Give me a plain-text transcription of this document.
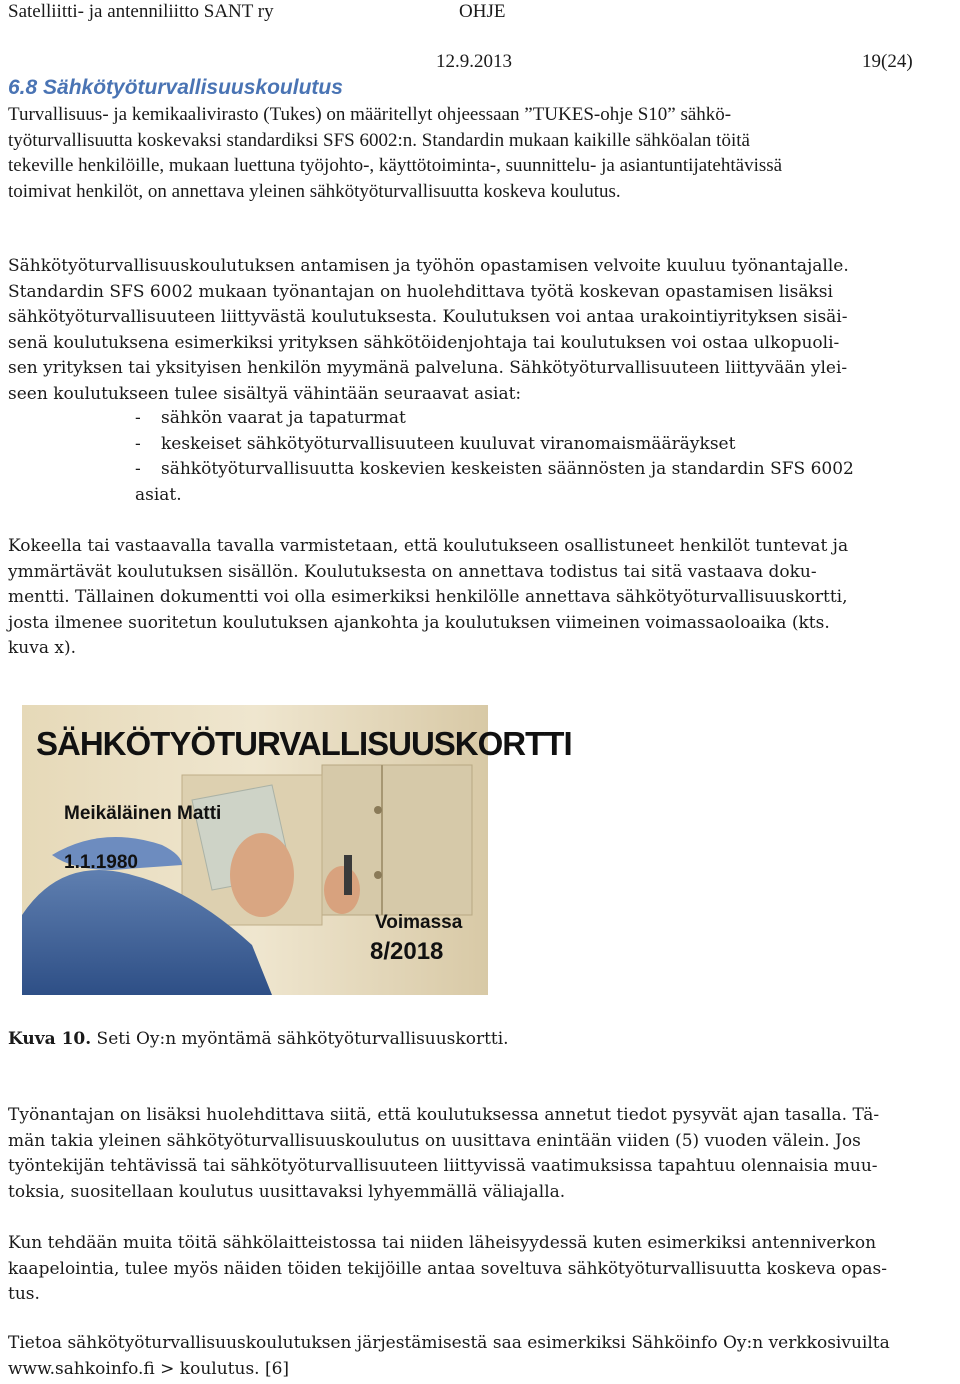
Satelliitti- ja antenniliitto SANT ry	OHJE
12.9.2013	19(24)
6.8 Sähkötyöturvallisuuskoulutus
Turvallisuus- ja kemikaalivirasto (Tukes) on määritellyt ohjeessaan ”TUKES-ohje S10” sähkö-
työturvallisuutta koskevaksi standardiksi SFS 6002:n. Standardin mukaan kaikille sähköalan töitä
tekeville henkilöille, mukaan luettuna työjohto-, käyttötoiminta-, suunnittelu- ja asiantuntijatehtävissä
toimivat henkilöt, on annettava yleinen sähkötyöturvallisuutta koskeva koulutus.
Sähkötyöturvallisuuskoulutuksen antamisen ja työhön opastamisen velvoite kuuluu työnantajalle.
Standardin SFS 6002 mukaan työnantajan on huolehdittava työtä koskevan opastamisen lisäksi
sähkötyöturvallisuuteen liittyvästä koulutuksesta. Koulutuksen voi antaa urakointiyrityksen sisäi-
senä koulutuksena esimerkiksi yrityksen sähkötöidenjohtaja tai koulutuksen voi ostaa ulkopuoli-
sen yrityksen tai yksityisen henkilön myymänä palveluna. Sähkötyöturvallisuuteen liittyvään ylei-
seen koulutukseen tulee sisältyä vähintään seuraavat asiat:
-	sähkön vaarat ja tapaturmat
-	keskeiset sähkötyöturvallisuuteen kuuluvat viranomaismääräykset
-	sähkötyöturvallisuutta koskevien keskeisten säännösten ja standardin SFS 6002
asiat.
Kokeella tai vastaavalla tavalla varmistetaan, että koulutukseen osallistuneet henkilöt tuntevat ja
ymmärtävät koulutuksen sisällön. Koulutuksesta on annettava todistus tai sitä vastaava doku-
mentti. Tällainen dokumentti voi olla esimerkiksi henkilölle annettava sähkötyöturvallisuuskortti,
josta ilmenee suoritetun koulutuksen ajankohta ja koulutuksen viimeinen voimassaoloaika (kts.
kuva x).
SÄHKÖTYÖTURVALLISUUSKORTTI
Meikäläinen Matti
1.1.1980
Voimassa
8/2018
Kuva 10. Seti Oy:n myöntämä sähkötyöturvallisuuskortti.
Työnantajan on lisäksi huolehdittava siitä, että koulutuksessa annetut tiedot pysyvät ajan tasalla. Tä-
män takia yleinen sähkötyöturvallisuuskoulutus on uusittava enintään viiden (5) vuoden välein. Jos
työntekijän tehtävissä tai sähkötyöturvallisuuteen liittyvissä vaatimuksissa tapahtuu olennaisia muu-
toksia, suositellaan koulutus uusittavaksi lyhyemmällä väliajalla.
Kun tehdään muita töitä sähkölaitteistossa tai niiden läheisyydessä kuten esimerkiksi antenniverkon
kaapelointia, tulee myös näiden töiden tekijöille antaa soveltuva sähkötyöturvallisuutta koskeva opas-
tus.
Tietoa sähkötyöturvallisuuskoulutuksen järjestämisestä saa esimerkiksi Sähköinfo Oy:n verkkosivuilta
www.sahkoinfo.fi > koulutus. [6]
